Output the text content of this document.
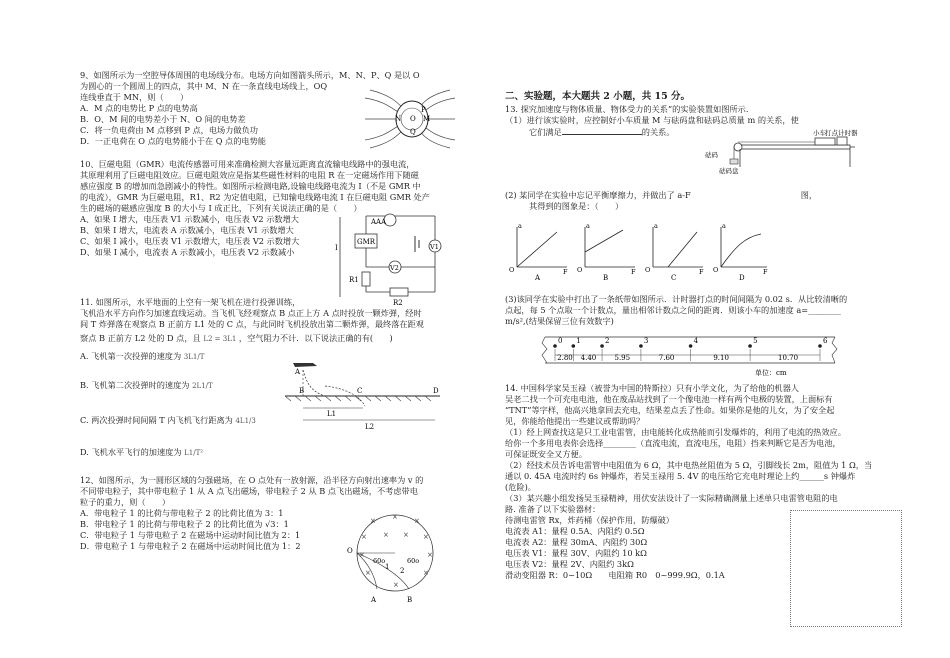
9、如图所示为一空腔导体周围的电场线分布。电场方向如图箭头所示，M、N、P、Q 是以 O
为圆心的一个圆周上的四点，其中 M、N 在一条直线电场线上，OQ
连线垂直于 MN，则（　　）
A．M 点的电势比 P 点的电势高
B．O、M 间的电势差小于 N、O 间的电势差
C．将一负电荷由 M 点移到 P 点，电场力做负功
D．一正电荷在 O 点的电势能小于在 Q 点的电势能
N O M
P
Q
10、巨磁电阻（GMR）电流传感器可用来准确检测大容量远距离直流输电线路中的强电流，
其原理利用了巨磁电阻效应。巨磁电阻效应是指某些磁性材料的电阻 R 在一定磁场作用下随磁
感应强度 B 的增加而急剧减小的特性。如图所示检测电路,设输电线路电流为 I（不是 GMR 中
的电流），GMR 为巨磁电阻，R1、R2 为定值电阻，已知输电线路电流 I 在巨磁电阻 GMR 处产
生的磁场的磁感应强度 B 的大小与 I 成正比，下列有关说法正确的是（　　）
A、如果 I 增大，电压表 V1 示数减小，电压表 V2 示数增大
B、如果 I 增大，电流表 A 示数减小，电压表 V1 示数增大
C、如果 I 减小，电压表 V1 示数增大，电压表 V2 示数增大
D、如果 I 减小，电流表 A 示数减小，电压表 V2 示数减小
GMR
I
AAA
V1
V2
R1
R2
11. 如图所示，水平地面的上空有一架飞机在进行投弹训练，
飞机沿水平方向作匀加速直线运动。当飞机飞经观察点 B 点正上方 A 点时投放一颗炸弹，经时
间 T 炸弹落在观察点 B 正前方 L1 处的 C 点，与此同时飞机投放出第二颗炸弹，最终落在距观
察点 B 正前方 L2 处的 D 点，且 L2 = 3L1 ，空气阻力不计．以下说法正确的有(　　)
A. 飞机第一次投弹的速度为 3L1/T
B. 飞机第二次投弹时的速度为 2L1/T
C. 两次投弹时间间隔 T 内飞机飞行距离为 4L1/3
D. 飞机水平飞行的加速度为 L1/T²
A
B	C	D
L1
L2
12、如图所示，为一圆形区域的匀强磁场，在 O 点处有一放射源，沿半径方向射出速率为 v 的
不同带电粒子，其中带电粒子 1 从 A 点飞出磁场，带电粒子 2 从 B 点飞出磁场，不考虑带电
粒子的重力，则（　　）
A．带电粒子 1 的比荷与带电粒子 2 的比荷比值为 3：1
B．带电粒子 1 的比荷与带电粒子 2 的比荷比值为 √3：1
C．带电粒子 1 与带电粒子 2 在磁场中运动时间比值为 2：1
D．带电粒子 1 与带电粒子 2 在磁场中运动时间比值为 1：2
× × ×
× × × ×
×	×
×	×
×
O
60o	60o
1 2
A	B
二、实验题，本大题共 2 小题，共 15 分。
13. 探究加速度与物体质量、物体受力的关系”的实验装置如图所示.
（1）进行该实验时，应控制好小车质量 M 与砝码盘和砝码总质量 m 的关系，使
它们满足	的关系。	小车 打点计时器
砝码
砝码盘
(2) 某同学在实验中忘记平衡摩擦力，并做出了 a-F	图，
其得到的图象是：（　　）
a
O	F
A
a
O	F
B
a
O	F
C
a
O	F
D
(3)该同学在实验中打出了一条纸带如图所示．计时器打点的时间间隔为 0.02 s．从比较清晰的
点起，每 5 个点取一个计数点，量出相邻计数点之间的距离．则该小车的加速度 a=________
m/s²,(结果保留三位有效数字)
0 1	2	3	4	5	6
2.80 4.40	5.95	7.60	9.10	10.70
单位：cm
14. 中国科学家吴玉禄（被誉为中国的特斯拉）只有小学文化，为了给他的机器人
吴老二找一个可充电电池，他在废品站找到了一个像电池一样有两个电极的装置，上面标有
“TNT”等字样，他高兴地拿回去充电，结果差点丢了性命。如果你是他的儿女，为了安全起
见，你能给他提出一些建议或帮助吗？
（1）经上网查找这是只工业电雷管，由电能转化成热能而引发爆炸的，利用了电流的热效应。
给你一个多用电表你会选择________（直流电流，直流电压，电阻）挡来判断它是否为电池，
可保证既安全又方便。
（2）经技术员告诉电雷管中电阻值为 6 Ω，其中电热丝阻值为 5 Ω，引脚线长 2m，阻值为 1 Ω，当
通以 0. 45A 电流时约 6s 钟爆炸，若吴玉禄用 5. 4V 的电压给它充电时理论上约______s 钟爆炸
(危险)。
（3）某兴趣小组发扬吴玉禄精神，用伏安法设计了一实际精确测量上述单只电雷管电阻的电
路. 准备了以下实验器材：
待测电雷管 Rx，炸药桶（保护作用，防爆破）
电流表 A1：量程 0.5A、内阻约 0.5Ω
电流表 A2：量程 30mA、内阻约 30Ω
电压表 V1：量程 30V、内阻约 10 kΩ
电压表 V2：量程 2V、内阻约 3kΩ
滑动变阻器 R：0~10Ω　　电阻箱 R0　0~999.9Ω，0.1A
